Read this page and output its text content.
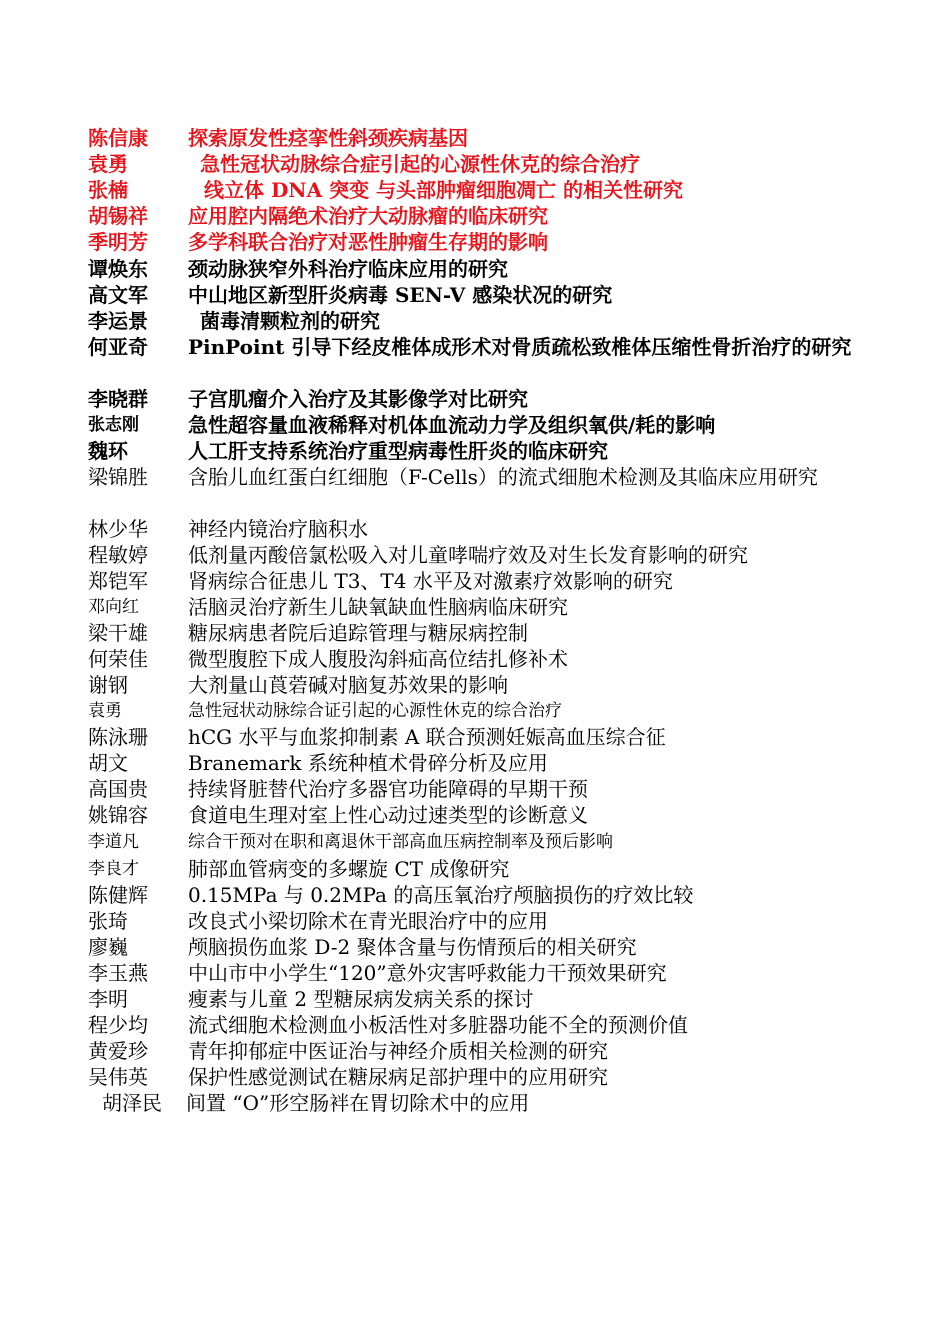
陈信康 探索原发性痉挛性斜颈疾病基因
袁勇	急性冠状动脉综合症引起的心源性休克的综合治疗
张楠	线立体 DNA 突变 与头部肿瘤细胞凋亡 的相关性研究
胡锡祥 应用腔内隔绝术治疗大动脉瘤的临床研究
季明芳 多学科联合治疗对恶性肿瘤生存期的影响
谭焕东 颈动脉狭窄外科治疗临床应用的研究
高文军 中山地区新型肝炎病毒 SEN-V 感染状况的研究
李运景	菌毒清颗粒剂的研究
何亚奇 PinPoint 引导下经皮椎体成形术对骨质疏松致椎体压缩性骨折治疗的研究
李晓群 子宫肌瘤介入治疗及其影像学对比研究
张志刚 急性超容量血液稀释对机体血流动力学及组织氧供/耗的影响
魏环	人工肝支持系统治疗重型病毒性肝炎的临床研究
梁锦胜 含胎儿血红蛋白红细胞（F-Cells）的流式细胞术检测及其临床应用研究
林少华 神经内镜治疗脑积水
程敏婷 低剂量丙酸倍氯松吸入对儿童哮喘疗效及对生长发育影响的研究
郑铠军 肾病综合征患儿 T3、T4 水平及对激素疗效影响的研究
邓向红 活脑灵治疗新生儿缺氧缺血性脑病临床研究
梁干雄 糖尿病患者院后追踪管理与糖尿病控制
何荣佳 微型腹腔下成人腹股沟斜疝高位结扎修补术
谢钢	大剂量山莨菪碱对脑复苏效果的影响
袁勇	急性冠状动脉综合证引起的心源性休克的综合治疗
陈泳珊 hCG 水平与血浆抑制素 A 联合预测妊娠高血压综合征
胡文	Branemark 系统种植术骨碎分析及应用
高国贵 持续肾脏替代治疗多器官功能障碍的早期干预
姚锦容 食道电生理对室上性心动过速类型的诊断意义
李道凡	综合干预对在职和离退休干部高血压病控制率及预后影响
李良才 肺部血管病变的多螺旋 CT 成像研究
陈健辉 0.15MPa 与 0.2MPa 的高压氧治疗颅脑损伤的疗效比较
张琦	改良式小梁切除术在青光眼治疗中的应用
廖巍	颅脑损伤血浆 D-2 聚体含量与伤情预后的相关研究
李玉燕 中山市中小学生“120”意外灾害呼救能力干预效果研究
李明	瘦素与儿童 2 型糖尿病发病关系的探讨
程少均 流式细胞术检测血小板活性对多脏器功能不全的预测价值
黄爱珍 青年抑郁症中医证治与神经介质相关检测的研究
吴伟英 保护性感觉测试在糖尿病足部护理中的应用研究
胡泽民 间置 “O”形空肠袢在胃切除术中的应用
